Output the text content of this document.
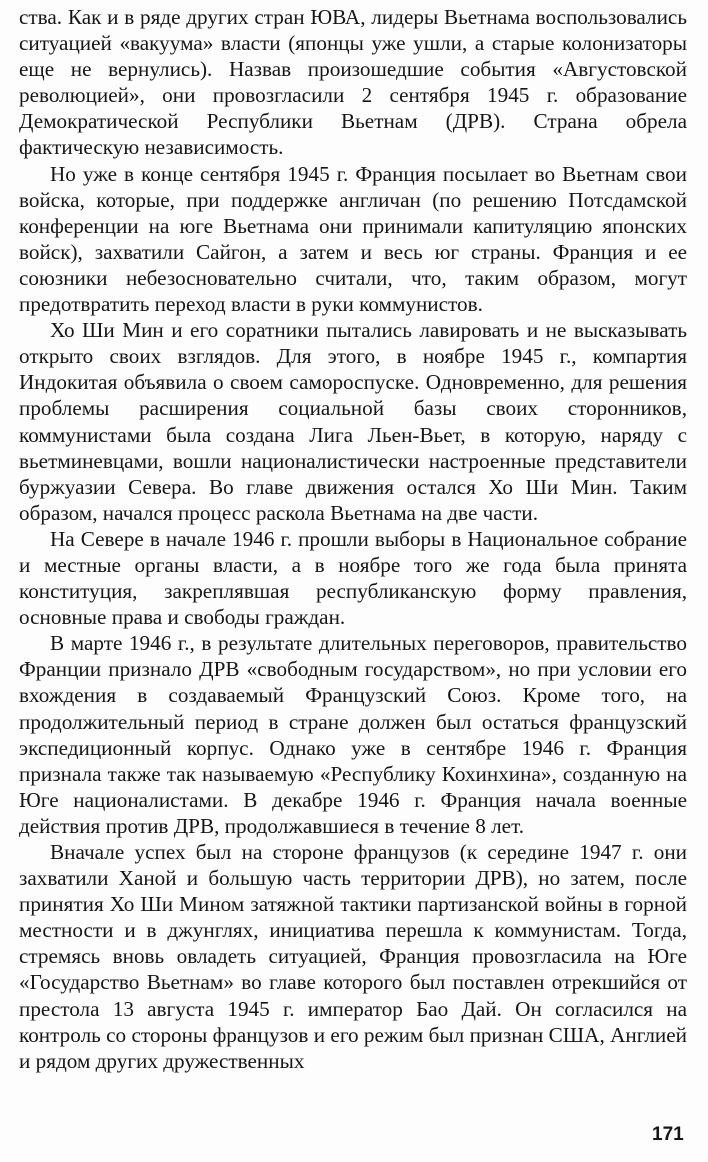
ства. Как и в ряде других стран ЮВА, лидеры Вьетнама воспользовались ситуацией «вакуума» власти (японцы уже ушли, а старые колонизаторы еще не вернулись). Назвав произошедшие события «Августовской революцией», они провозгласили 2 сентября 1945 г. образование Демократической Республики Вьетнам (ДРВ). Страна обрела фактическую независимость.

Но уже в конце сентября 1945 г. Франция посылает во Вьетнам свои войска, которые, при поддержке англичан (по решению Потсдамской конференции на юге Вьетнама они принимали капитуляцию японских войск), захватили Сайгон, а затем и весь юг страны. Франция и ее союзники небезосновательно считали, что, таким образом, могут предотвратить переход власти в руки коммунистов.

Хо Ши Мин и его соратники пытались лавировать и не высказывать открыто своих взглядов. Для этого, в ноябре 1945 г., компартия Индокитая объявила о своем самороспуске. Одновременно, для решения проблемы расширения социальной базы своих сторонников, коммунистами была создана Лига Льен-Вьет, в которую, наряду с вьетминевцами, вошли националистически настроенные представители буржуазии Севера. Во главе движения остался Хо Ши Мин. Таким образом, начался процесс раскола Вьетнама на две части.

На Севере в начале 1946 г. прошли выборы в Национальное собрание и местные органы власти, а в ноябре того же года была принята конституция, закреплявшая республиканскую форму правления, основные права и свободы граждан.

В марте 1946 г., в результате длительных переговоров, правительство Франции признало ДРВ «свободным государством», но при условии его вхождения в создаваемый Французский Союз. Кроме того, на продолжительный период в стране должен был остаться французский экспедиционный корпус. Однако уже в сентябре 1946 г. Франция признала также так называемую «Республику Кохинхина», созданную на Юге националистами. В декабре 1946 г. Франция начала военные действия против ДРВ, продолжавшиеся в течение 8 лет.

Вначале успех был на стороне французов (к середине 1947 г. они захватили Ханой и большую часть территории ДРВ), но затем, после принятия Хо Ши Мином затяжной тактики партизанской войны в горной местности и в джунглях, инициатива перешла к коммунистам. Тогда, стремясь вновь овладеть ситуацией, Франция провозгласила на Юге «Государство Вьетнам» во главе которого был поставлен отрекшийся от престола 13 августа 1945 г. император Бао Дай. Он согласился на контроль со стороны французов и его режим был признан США, Англией и рядом других дружественных

171
